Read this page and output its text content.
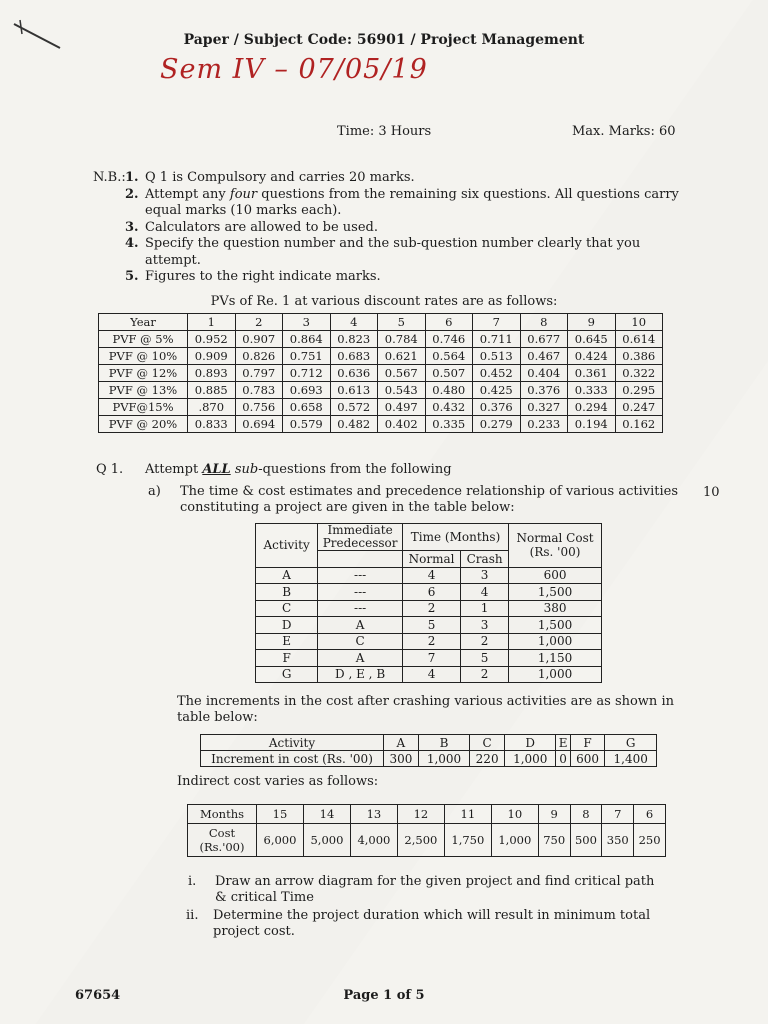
Paper / Subject Code: 56901 / Project Management
Sem IV – 07/05/19
Time: 3 Hours	Max. Marks: 60
N.B.: 1. Q 1 is Compulsory and carries 20 marks.
2. Attempt any four questions from the remaining six questions. All questions carry equal marks (10 marks each).
3. Calculators are allowed to be used.
4. Specify the question number and the sub-question number clearly that you attempt.
5. Figures to the right indicate marks.
PVs of Re. 1 at various discount rates are as follows:
Year	1	2	3	4	5	6	7	8	9	10
PVF @ 5%	0.952	0.907	0.864	0.823	0.784	0.746	0.711	0.677	0.645	0.614
PVF @ 10%	0.909	0.826	0.751	0.683	0.621	0.564	0.513	0.467	0.424	0.386
PVF @ 12%	0.893	0.797	0.712	0.636	0.567	0.507	0.452	0.404	0.361	0.322
PVF @ 13%	0.885	0.783	0.693	0.613	0.543	0.480	0.425	0.376	0.333	0.295
PVF@15%	.870	0.756	0.658	0.572	0.497	0.432	0.376	0.327	0.294	0.247
PVF @ 20%	0.833	0.694	0.579	0.482	0.402	0.335	0.279	0.233	0.194	0.162
Q 1. Attempt ALL sub-questions from the following
a) The time & cost estimates and precedence relationship of various activities constituting a project are given in the table below:
10
Activity	Immediate Predecessor	Time (Months)		Normal Cost (Rs. '00)
		Normal	Crash	
A	---	4	3	600
B	---	6	4	1,500
C	---	2	1	380
D	A	5	3	1,500
E	C	2	2	1,000
F	A	7	5	1,150
G	D , E , B	4	2	1,000
The increments in the cost after crashing various activities are as shown in table below:
Activity	A	B	C	D	E	F	G
Increment in cost (Rs. '00)	300	1,000	220	1,000	0	600	1,400
Indirect cost varies as follows:
Months	15	14	13	12	11	10	9	8	7	6
Cost (Rs.'00)	6,000	5,000	4,000	2,500	1,750	1,000	750	500	350	250
i.	Draw an arrow diagram for the given project and find critical path & critical Time
ii.	Determine the project duration which will result in minimum total project cost.
67654	Page 1 of 5
